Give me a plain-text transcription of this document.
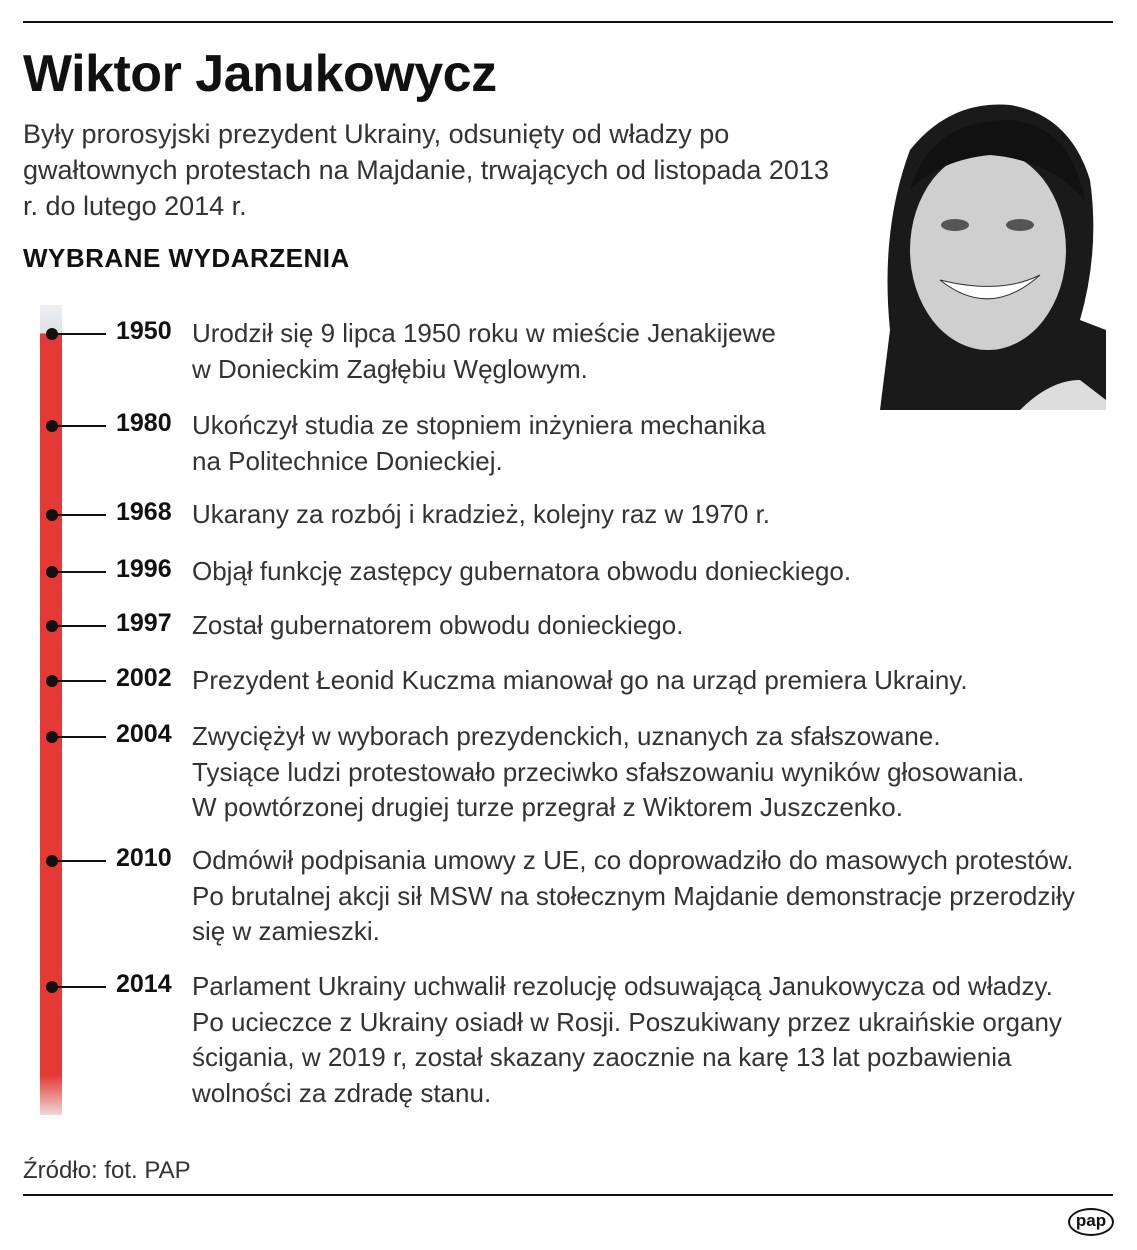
Wiktor Janukowycz
Były prorosyjski prezydent Ukrainy, odsunięty od władzy po gwałtownych protestach na Majdanie, trwających od listopada 2013 r. do lutego 2014 r.
WYBRANE WYDARZENIA
1950 Urodził się 9 lipca 1950 roku w mieście Jenakijewe
w Donieckim Zagłębiu Węglowym.
1980 Ukończył studia ze stopniem inżyniera mechanika
na Politechnice Donieckiej.
1968 Ukarany za rozbój i kradzież, kolejny raz w 1970 r.
1996 Objął funkcję zastępcy gubernatora obwodu donieckiego.
1997 Został gubernatorem obwodu donieckiego.
2002 Prezydent Łeonid Kuczma mianował go na urząd premiera Ukrainy.
2004 Zwyciężył w wyborach prezydenckich, uznanych za sfałszowane.
Tysiące ludzi protestowało przeciwko sfałszowaniu wyników głosowania.
W powtórzonej drugiej turze przegrał z Wiktorem Juszczenko.
2010 Odmówił podpisania umowy z UE, co doprowadziło do masowych protestów.
Po brutalnej akcji sił MSW na stołecznym Majdanie demonstracje przerodziły
się w zamieszki.
2014 Parlament Ukrainy uchwalił rezolucję odsuwającą Janukowycza od władzy.
Po ucieczce z Ukrainy osiadł w Rosji. Poszukiwany przez ukraińskie organy
ścigania, w 2019 r, został skazany zaocznie na karę 13 lat pozbawienia
wolności za zdradę stanu.
Źródło: fot. PAP
pap
